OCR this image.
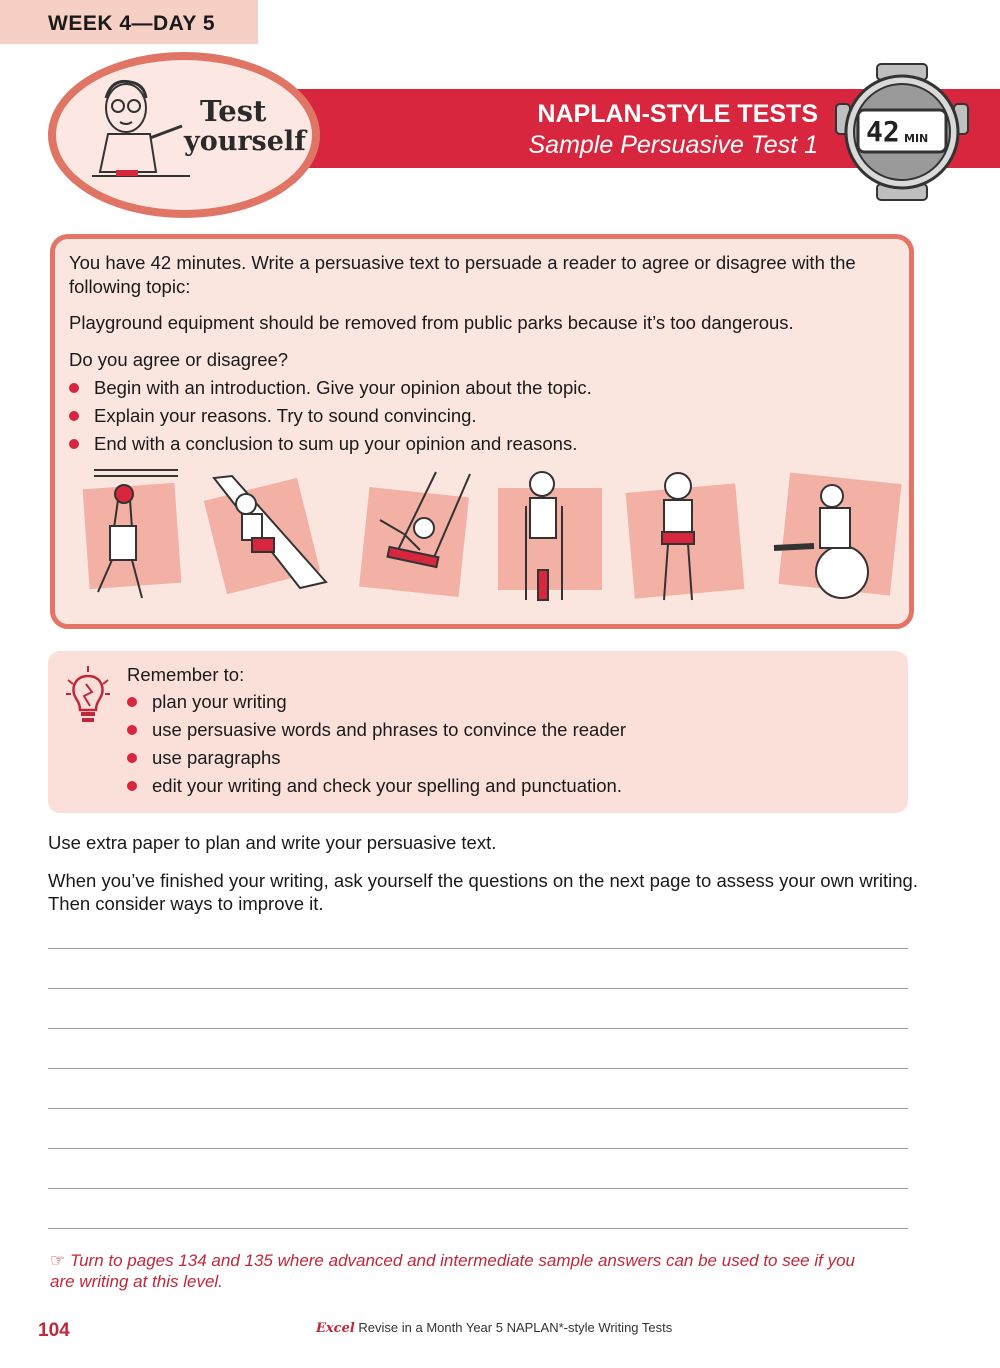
WEEK 4—DAY 5
NAPLAN-STYLE TESTS
Sample Persuasive Test 1 42 MIN
Test
yourself
You have 42 minutes. Write a persuasive text to persuade a reader to agree or disagree with the following topic:
Playground equipment should be removed from public parks because it’s too dangerous.
Do you agree or disagree?
Begin with an introduction. Give your opinion about the topic.
Explain your reasons. Try to sound convincing.
End with a conclusion to sum up your opinion and reasons.
Remember to:
plan your writing
use persuasive words and phrases to convince the reader
use paragraphs
edit your writing and check your spelling and punctuation.
Use extra paper to plan and write your persuasive text.
When you’ve finished your writing, ask yourself the questions on the next page to assess your own writing. Then consider ways to improve it.
☞ Turn to pages 134 and 135 where advanced and intermediate sample answers can be used to see if you are writing at this level.
104	Excel Revise in a Month Year 5 NAPLAN*-style Writing Tests
